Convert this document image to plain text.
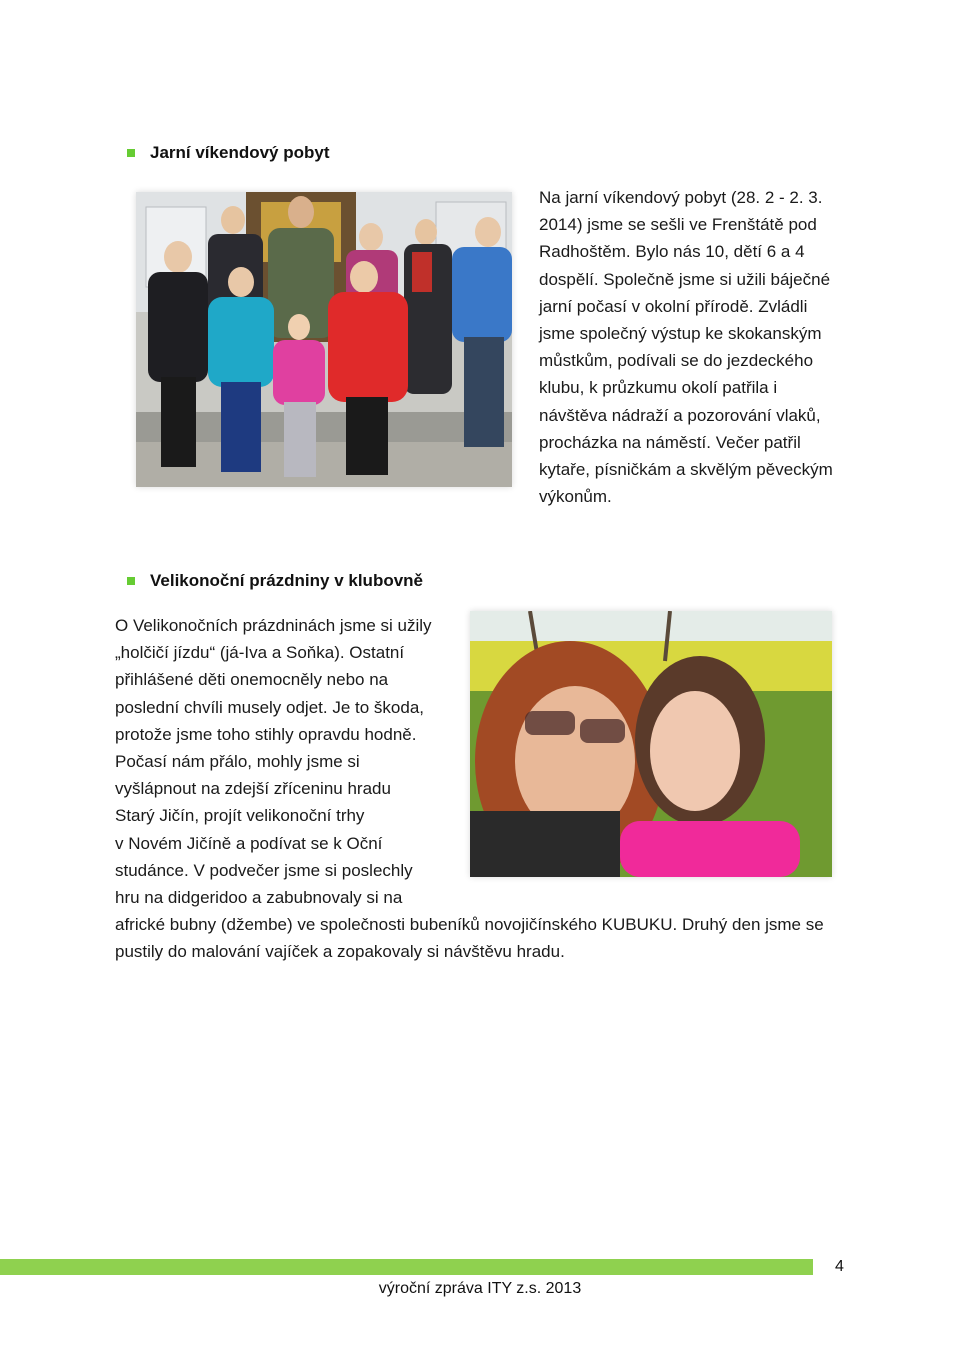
Jarní víkendový pobyt
Na jarní víkendový pobyt (28. 2 - 2. 3.
2014) jsme se sešli ve Frenštátě pod
Radhoštěm. Bylo nás 10, dětí 6 a 4
dospělí. Společně jsme si užili báječné
jarní počasí v okolní přírodě. Zvládli
jsme společný výstup ke skokanským
můstkům, podívali se do jezdeckého
klubu, k průzkumu okolí patřila i
návštěva nádraží a pozorování vlaků,
procházka na náměstí. Večer patřil
kytaře, písničkám a skvělým pěveckým
výkonům.
Velikonoční prázdniny v klubovně
O Velikonočních prázdninách jsme si užily
„holčičí jízdu“ (já-Iva a Soňka). Ostatní
přihlášené děti onemocněly nebo na
poslední chvíli musely odjet. Je to škoda,
protože jsme toho stihly opravdu hodně.
Počasí nám přálo, mohly jsme si
vyšlápnout na zdejší zříceninu hradu
Starý Jičín, projít velikonoční trhy
v Novém Jičíně a podívat se k Oční
studánce. V podvečer jsme si poslechly
hru na didgeridoo a zabubnovaly si na
africké bubny (džembe) ve společnosti bubeníků novojičínského KUBUKU. Druhý den jsme se
pustily do malování vajíček a zopakovaly si návštěvu hradu.
4
výroční zpráva ITY z.s. 2013
